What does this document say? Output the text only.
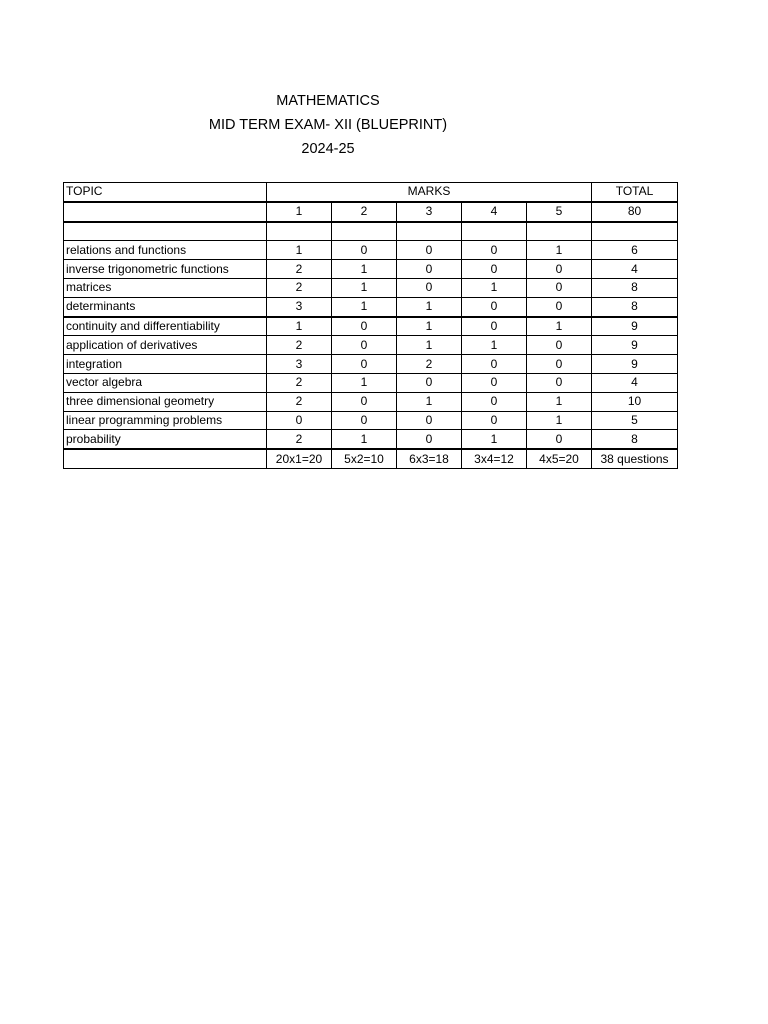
MATHEMATICS
MID TERM EXAM- XII (BLUEPRINT)
2024-25
TOPIC	MARKS					TOTAL
	1	2	3	4	5	80

relations and functions	1	0	0	0	1	6
inverse trigonometric functions	2	1	0	0	0	4
matrices	2	1	0	1	0	8
determinants	3	1	1	0	0	8
continuity and differentiability	1	0	1	0	1	9
application of derivatives	2	0	1	1	0	9
integration	3	0	2	0	0	9
vector algebra	2	1	0	0	0	4
three dimensional geometry	2	0	1	0	1	10
linear programming problems	0	0	0	0	1	5
probability	2	1	0	1	0	8
	20x1=20	5x2=10	6x3=18	3x4=12	4x5=20	38 questions
